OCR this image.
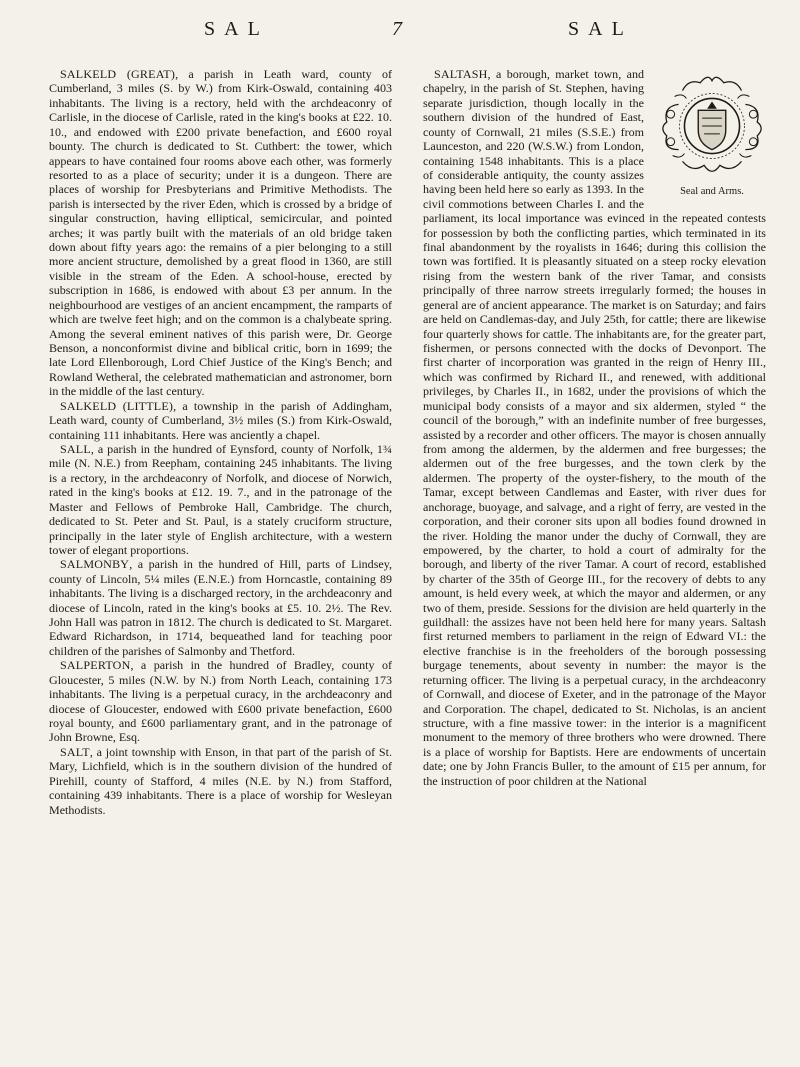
SAL	7	SAL

SALKELD (GREAT), a parish in Leath ward, county of Cumberland, 3 miles (S. by W.) from Kirk-Oswald, containing 403 inhabitants. The living is a rectory, held with the archdeaconry of Carlisle, in the diocese of Carlisle, rated in the king's books at £22. 10. 10., and endowed with £200 private benefaction, and £600 royal bounty. The church is dedicated to St. Cuthbert: the tower, which appears to have contained four rooms above each other, was formerly resorted to as a place of security; under it is a dungeon. There are places of worship for Presbyterians and Primitive Methodists. The parish is intersected by the river Eden, which is crossed by a bridge of singular construction, having elliptical, semicircular, and pointed arches; it was partly built with the materials of an old bridge taken down about fifty years ago: the remains of a pier belonging to a still more ancient structure, demolished by a great flood in 1360, are still visible in the stream of the Eden. A school-house, erected by subscription in 1686, is endowed with about £3 per annum. In the neighbourhood are vestiges of an ancient encampment, the ramparts of which are twelve feet high; and on the common is a chalybeate spring. Among the several eminent natives of this parish were, Dr. George Benson, a nonconformist divine and biblical critic, born in 1699; the late Lord Ellenborough, Lord Chief Justice of the King's Bench; and Rowland Wetheral, the celebrated mathematician and astronomer, born in the middle of the last century.

SALKELD (LITTLE), a township in the parish of Addingham, Leath ward, county of Cumberland, 3½ miles (S.) from Kirk-Oswald, containing 111 inhabitants. Here was anciently a chapel.

SALL, a parish in the hundred of Eynsford, county of Norfolk, 1¾ mile (N. N.E.) from Reepham, containing 245 inhabitants. The living is a rectory, in the archdeaconry of Norfolk, and diocese of Norwich, rated in the king's books at £12. 19. 7., and in the patronage of the Master and Fellows of Pembroke Hall, Cambridge. The church, dedicated to St. Peter and St. Paul, is a stately cruciform structure, principally in the later style of English architecture, with a western tower of elegant proportions.

SALMONBY, a parish in the hundred of Hill, parts of Lindsey, county of Lincoln, 5¼ miles (E.N.E.) from Horncastle, containing 89 inhabitants. The living is a discharged rectory, in the archdeaconry and diocese of Lincoln, rated in the king's books at £5. 10. 2½. The Rev. John Hall was patron in 1812. The church is dedicated to St. Margaret. Edward Richardson, in 1714, bequeathed land for teaching poor children of the parishes of Salmonby and Thetford.

SALPERTON, a parish in the hundred of Bradley, county of Gloucester, 5 miles (N.W. by N.) from North Leach, containing 173 inhabitants. The living is a perpetual curacy, in the archdeaconry and diocese of Gloucester, endowed with £600 private benefaction, £600 royal bounty, and £600 parliamentary grant, and in the patronage of John Browne, Esq.

SALT, a joint township with Enson, in that part of the parish of St. Mary, Lichfield, which is in the southern division of the hundred of Pirehill, county of Stafford, 4 miles (N.E. by N.) from Stafford, containing 439 inhabitants. There is a place of worship for Wesleyan Methodists.

Seal and Arms.

SALTASH, a borough, market town, and chapelry, in the parish of St. Stephen, having separate jurisdiction, though locally in the southern division of the hundred of East, county of Cornwall, 21 miles (S.S.E.) from Launceston, and 220 (W.S.W.) from London, containing 1548 inhabitants. This is a place of considerable antiquity, the county assizes having been held here so early as 1393. In the civil commotions between Charles I. and the parliament, its local importance was evinced in the repeated contests for possession by both the conflicting parties, which terminated in its final abandonment by the royalists in 1646; during this collision the town was fortified. It is pleasantly situated on a steep rocky elevation rising from the western bank of the river Tamar, and consists principally of three narrow streets irregularly formed; the houses in general are of ancient appearance. The market is on Saturday; and fairs are held on Candlemas-day, and July 25th, for cattle; there are likewise four quarterly shows for cattle. The inhabitants are, for the greater part, fishermen, or persons connected with the docks of Devonport. The first charter of incorporation was granted in the reign of Henry III., which was confirmed by Richard II., and renewed, with additional privileges, by Charles II., in 1682, under the provisions of which the municipal body consists of a mayor and six aldermen, styled “ the council of the borough,” with an indefinite number of free burgesses, assisted by a recorder and other officers. The mayor is chosen annually from among the aldermen, by the aldermen and free burgesses; the aldermen out of the free burgesses, and the town clerk by the aldermen. The property of the oyster-fishery, to the mouth of the Tamar, except between Candlemas and Easter, with river dues for anchorage, buoyage, and salvage, and a right of ferry, are vested in the corporation, and their coroner sits upon all bodies found drowned in the river. Holding the manor under the duchy of Cornwall, they are empowered, by the charter, to hold a court of admiralty for the borough, and liberty of the river Tamar. A court of record, established by charter of the 35th of George III., for the recovery of debts to any amount, is held every week, at which the mayor and aldermen, or any two of them, preside. Sessions for the division are held quarterly in the guildhall: the assizes have not been held here for many years. Saltash first returned members to parliament in the reign of Edward VI.: the elective franchise is in the freeholders of the borough possessing burgage tenements, about seventy in number: the mayor is the returning officer. The living is a perpetual curacy, in the archdeaconry of Cornwall, and diocese of Exeter, and in the patronage of the Mayor and Corporation. The chapel, dedicated to St. Nicholas, is an ancient structure, with a fine massive tower: in the interior is a magnificent monument to the memory of three brothers who were drowned. There is a place of worship for Baptists. Here are endowments of uncertain date; one by John Francis Buller, to the amount of £15 per annum, for the instruction of poor children at the National
